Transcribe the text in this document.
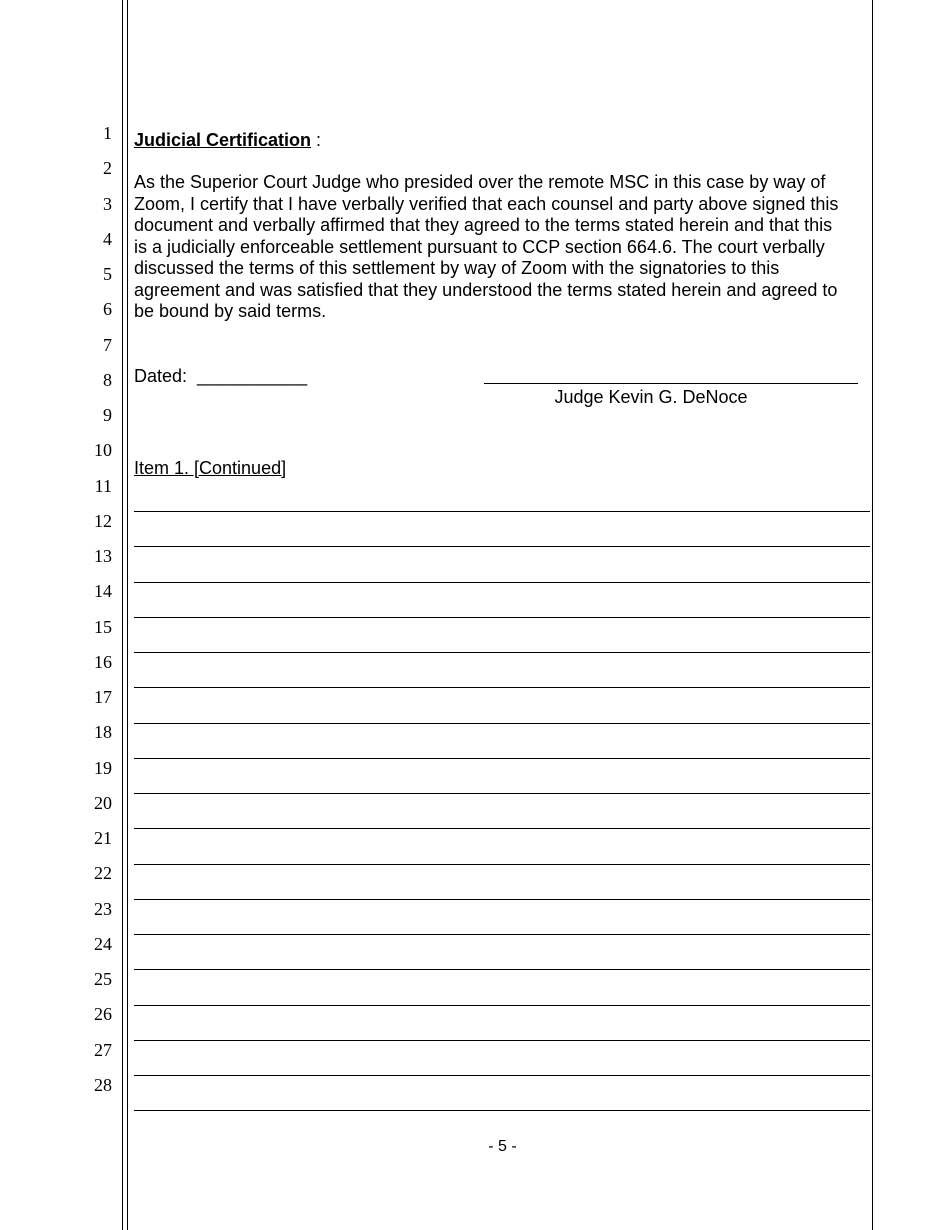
1
2
3
4
5
6
7
8
9
10
11
12
13
14
15
16
17
18
19
20
21
22
23
24
25
26
27
28
Judicial Certification :
As the Superior Court Judge who presided over the remote MSC in this case by way of
Zoom, I certify that I have verbally verified that each counsel and party above signed this
document and verbally affirmed that they agreed to the terms stated herein and that this
is a judicially enforceable settlement pursuant to CCP section 664.6. The court verbally
discussed the terms of this settlement by way of Zoom with the signatories to this
agreement and was satisfied that they understood the terms stated herein and agreed to
be bound by said terms.
Dated:  ___________
Judge Kevin G. DeNoce
Item 1. [Continued]
- 5 -
